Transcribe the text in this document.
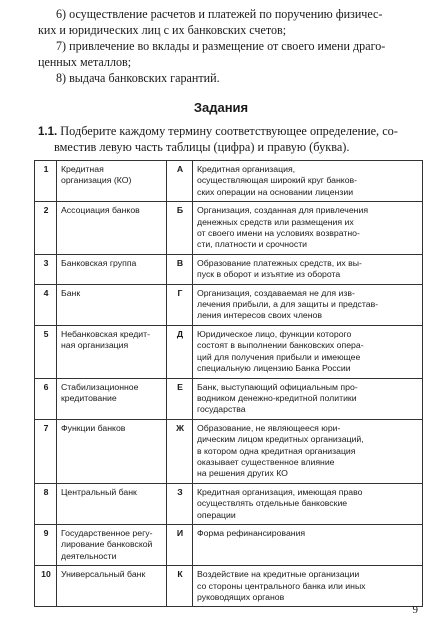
6) осуществление расчетов и платежей по поручению физичес-
ких и юридических лиц с их банковских счетов;
7) привлечение во вклады и размещение от своего имени драго-
ценных металлов;
8) выдача банковских гарантий.
Задания
1.1. Подберите каждому термину соответствующее определение, со-
вместив левую часть таблицы (цифра) и правую (буква).
1	Кредитная
организация (КО)	А	Кредитная организация,
осуществляющая широкий круг банков-
ских операции на основании лицензии

2	Ассоциация банков	Б	Организация, созданная для привлечения
денежных средств или размещения их
от своего имени на условиях возвратно-
сти, платности и срочности

3	Банковская группа	В	Образование платежных средств, их вы-
пуск в оборот и изъятие из оборота

4	Банк	Г	Организация, создаваемая не для изв-
лечения прибыли, а для защиты и представ-
ления интересов своих членов

5	Небанковская кредит-
ная организация	Д	Юридическое лицо, функции которого
состоят в выполнении банковских опера-
ций для получения прибыли и имеющее
специальную лицензию Банка России

6	Стабилизационное
кредитование	Е	Банк, выступающий официальным про-
водником денежно-кредитной политики
государства

7	Функции банков	Ж	Образование, не являющееся юри-
дическим лицом кредитных организаций,
в котором одна кредитная организация
оказывает существенное влияние
на решения других КО

8	Центральный банк	З	Кредитная организация, имеющая право
осуществлять отдельные банковские
операции

9	Государственное регу-
лирование банковской
деятельности	И	Форма рефинансирования

10	Универсальный банк	К	Воздействие на кредитные организации
со стороны центрального банка или иных
руководящих органов
9
